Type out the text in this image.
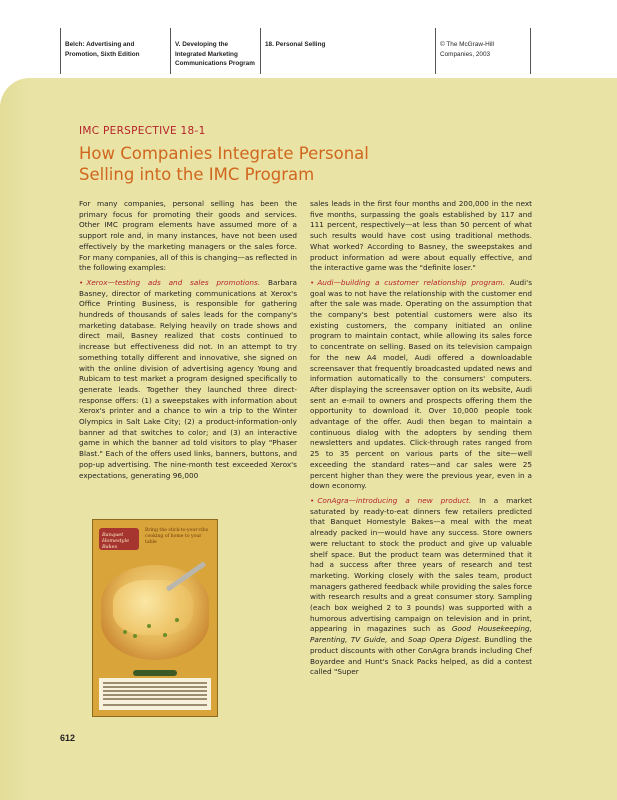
Belch: Advertising and
Promotion, Sixth Edition
V. Developing the
Integrated Marketing
Communications Program
18. Personal Selling	© The McGraw-Hill
Companies, 2003
IMC PERSPECTIVE 18-1
How Companies Integrate Personal Selling into the IMC Program

For many companies, personal selling has been the primary focus for promoting their goods and services. Other IMC program elements have assumed more of a support role and, in many instances, have not been used effectively by the marketing managers or the sales force. For many companies, all of this is changing—as reflected in the following examples:

• Xerox—testing ads and sales promotions. Barbara Basney, director of marketing communications at Xerox's Office Printing Business, is responsible for gathering hundreds of thousands of sales leads for the company's marketing database. Relying heavily on trade shows and direct mail, Basney realized that costs continued to increase but effectiveness did not. In an attempt to try something totally different and innovative, she signed on with the online division of advertising agency Young and Rubicam to test market a program designed specifically to generate leads. Together they launched three direct-response offers: (1) a sweepstakes with information about Xerox's printer and a chance to win a trip to the Winter Olympics in Salt Lake City; (2) a product-information-only banner ad that switches to color; and (3) an interactive game in which the banner ad told visitors to play "Phaser Blast." Each of the offers used links, banners, buttons, and pop-up advertising. The nine-month test exceeded Xerox's expectations, generating 96,000

sales leads in the first four months and 200,000 in the next five months, surpassing the goals established by 117 and 111 percent, respectively—at less than 50 percent of what such results would have cost using traditional methods. What worked? According to Basney, the sweepstakes and product information ad were about equally effective, and the interactive game was the "definite loser."

• Audi—building a customer relationship program. Audi's goal was to not have the relationship with the customer end after the sale was made. Operating on the assumption that the company's best potential customers were also its existing customers, the company initiated an online program to maintain contact, while allowing its sales force to concentrate on selling. Based on its television campaign for the new A4 model, Audi offered a downloadable screensaver that frequently broadcasted updated news and information automatically to the consumers' computers. After displaying the screensaver option on its website, Audi sent an e-mail to owners and prospects offering them the opportunity to download it. Over 10,000 people took advantage of the offer. Audi then began to maintain a continuous dialog with the adopters by sending them newsletters and updates. Click-through rates ranged from 25 to 35 percent on various parts of the site—well exceeding the standard rates—and car sales were 25 percent higher than they were the previous year, even in a down economy.

• ConAgra—introducing a new product. In a market saturated by ready-to-eat dinners few retailers predicted that Banquet Homestyle Bakes—a meal with the meat already packed in—would have any success. Store owners were reluctant to stock the product and give up valuable shelf space. But the product team was determined that it had a success after three years of research and test marketing. Working closely with the sales team, product managers gathered feedback while providing the sales force with research results and a great consumer story. Sampling (each box weighed 2 to 3 pounds) was supported with a humorous advertising campaign on television and in print, appearing in magazines such as Good Housekeeping, Parenting, TV Guide, and Soap Opera Digest. Bundling the product discounts with other ConAgra brands including Chef Boyardee and Hunt's Snack Packs helped, as did a contest called "Super

Banquet
Homestyle
Bakes
Bring the stick-to-your-ribs cooking of home to your table
612
